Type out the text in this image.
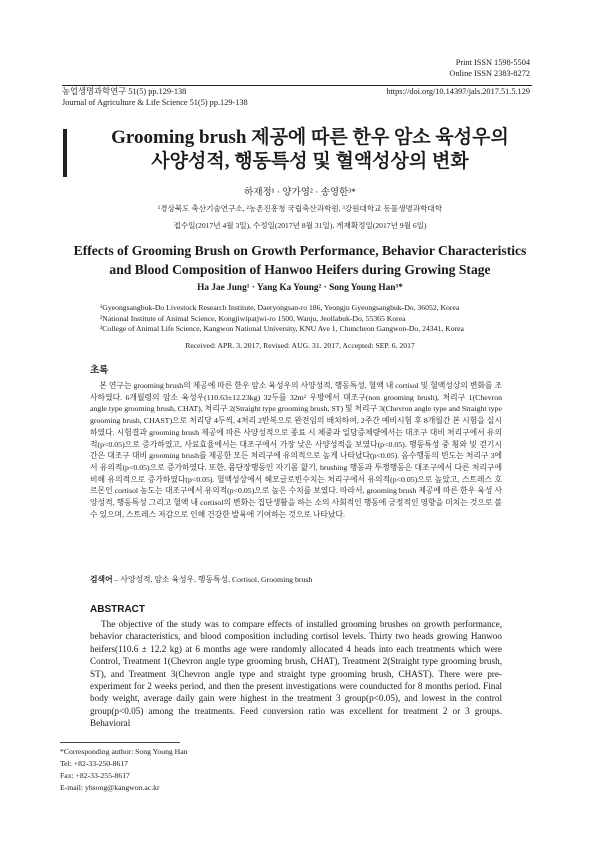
Print ISSN 1598-5504
Online ISSN 2383-8272
농업생명과학연구 51(5) pp.129-138
Journal of Agriculture & Life Science 51(5) pp.129-138
https://doi.org/10.14397/jals.2017.51.5.129
Grooming brush 제공에 따른 한우 암소 육성우의
사양성적, 행동특성 및 혈액성상의 변화
하재정¹ · 양가영² · 송영한³*
¹경상북도 축산기술연구소, ²농촌진흥청 국립축산과학원, ³강원대학교 동물생명과학대학
접수일(2017년 4월 3일), 수정일(2017년 8월 31일), 게재확정일(2017년 9월 6일)
Effects of Grooming Brush on Growth Performance, Behavior Characteristics
and Blood Composition of Hanwoo Heifers during Growing Stage
Ha Jae Jung¹ · Yang Ka Young² · Song Young Han³*
¹Gyeongsangbuk-Do Livestock Research Institute, Daeryongsan-ro 186, Yeongju Gyeongsangbuk-Do, 36052, Korea
²National Institute of Animal Science, Kongjiwipatjwi-ro 1500, Wanju, Jeollabuk-Do, 55365 Korea
³College of Animal Life Science, Kangwon National University, KNU Ave 1, Chuncheon Gangwon-Do, 24341, Korea
Received: APR. 3. 2017, Revised: AUG. 31. 2017, Accepted: SEP. 6. 2017
초록
본 연구는 grooming brush의 제공에 따른 한우 암소 육성우의 사양성적, 행동특성, 혈액 내 cortisol 및 혈액성상의 변화를 조사하였다. 6개월령의 암소 육성우(110.63±12.23kg) 32두를 32m² 우방에서 대조구(non grooming brush), 처리구 1(Chevron angle type grooming brush, CHAT), 처리구 2(Straight type grooming brush, ST) 및 처리구 3(Chevron angle type and Straight type grooming brush, CHAST)으로 처리당 4두씩, 4처리 2반복으로 완전임의 배치하여, 2주간 예비시험 후 8개월간 본 시험을 실시하였다. 시험결과 grooming brush 제공에 따른 사양성적으로 종료 시 체중과 일당증체량에서는 대조구 대비 처리구에서 유의적(p<0.05)으로 증가하였고, 사료효율에서는 대조구에서 가장 낮은 사양성적을 보였다(p<0.05). 행동특성 중 횡와 및 걷기시간은 대조구 대비 grooming brush를 제공한 모든 처리구에 유의적으로 높게 나타났다(p<0.05). 음수행동의 빈도는 처리구 3에서 유의적(p<0.05)으로 증가하였다. 또한, 몸단장행동인 자기몸 핥기, brushing 행동과 투쟁행동은 대조구에서 다른 처리구에 비해 유의적으로 증가하였다(p<0.05). 혈액성상에서 헤모글로빈수치는 처리구에서 유의적(p<0.05)으로 높았고, 스트레스 호르몬인 cortisol 농도는 대조구에서 유의적(p<0.05)으로 높은 수치를 보였다. 따라서, grooming brush 제공에 따른 한우 육성 사양성적, 행동특성 그리고 혈액 내 cortisol의 변화는 집단생활을 하는 소의 사회적인 행동에 긍정적인 영향을 미치는 것으로 볼 수 있으며, 스트레스 저감으로 인해 건강한 발육에 기여하는 것으로 나타났다.
검색어 – 사양성적, 암소 육성우, 행동특성, Cortisol, Grooming brush
ABSTRACT
The objective of the study was to compare effects of installed grooming brushes on growth performance, behavior characteristics, and blood composition including cortisol levels. Thirty two heads growing Hanwoo heifers(110.6 ± 12.2 kg) at 6 months age were randomly allocated 4 heads into each treatments which were Control, Treatment 1(Chevron angle type grooming brush, CHAT), Treatment 2(Straight type grooming brush, ST), and Treatment 3(Chevron angle type and straight type grooming brush, CHAST). There were pre-experiment for 2 weeks period, and then the present investigations were counducted for 8 months period. Final body weight, average daily gain were highest in the treatment 3 group(p<0.05), and lowest in the control group(p<0.05) among the treatments. Feed conversion ratio was excellent for treatment 2 or 3 groups. Behavioral
*Corresponding author: Song Young Han
Tel: +82-33-250-8617
Fax: +82-33-255-8617
E-mail: yhsong@kangwon.ac.kr
